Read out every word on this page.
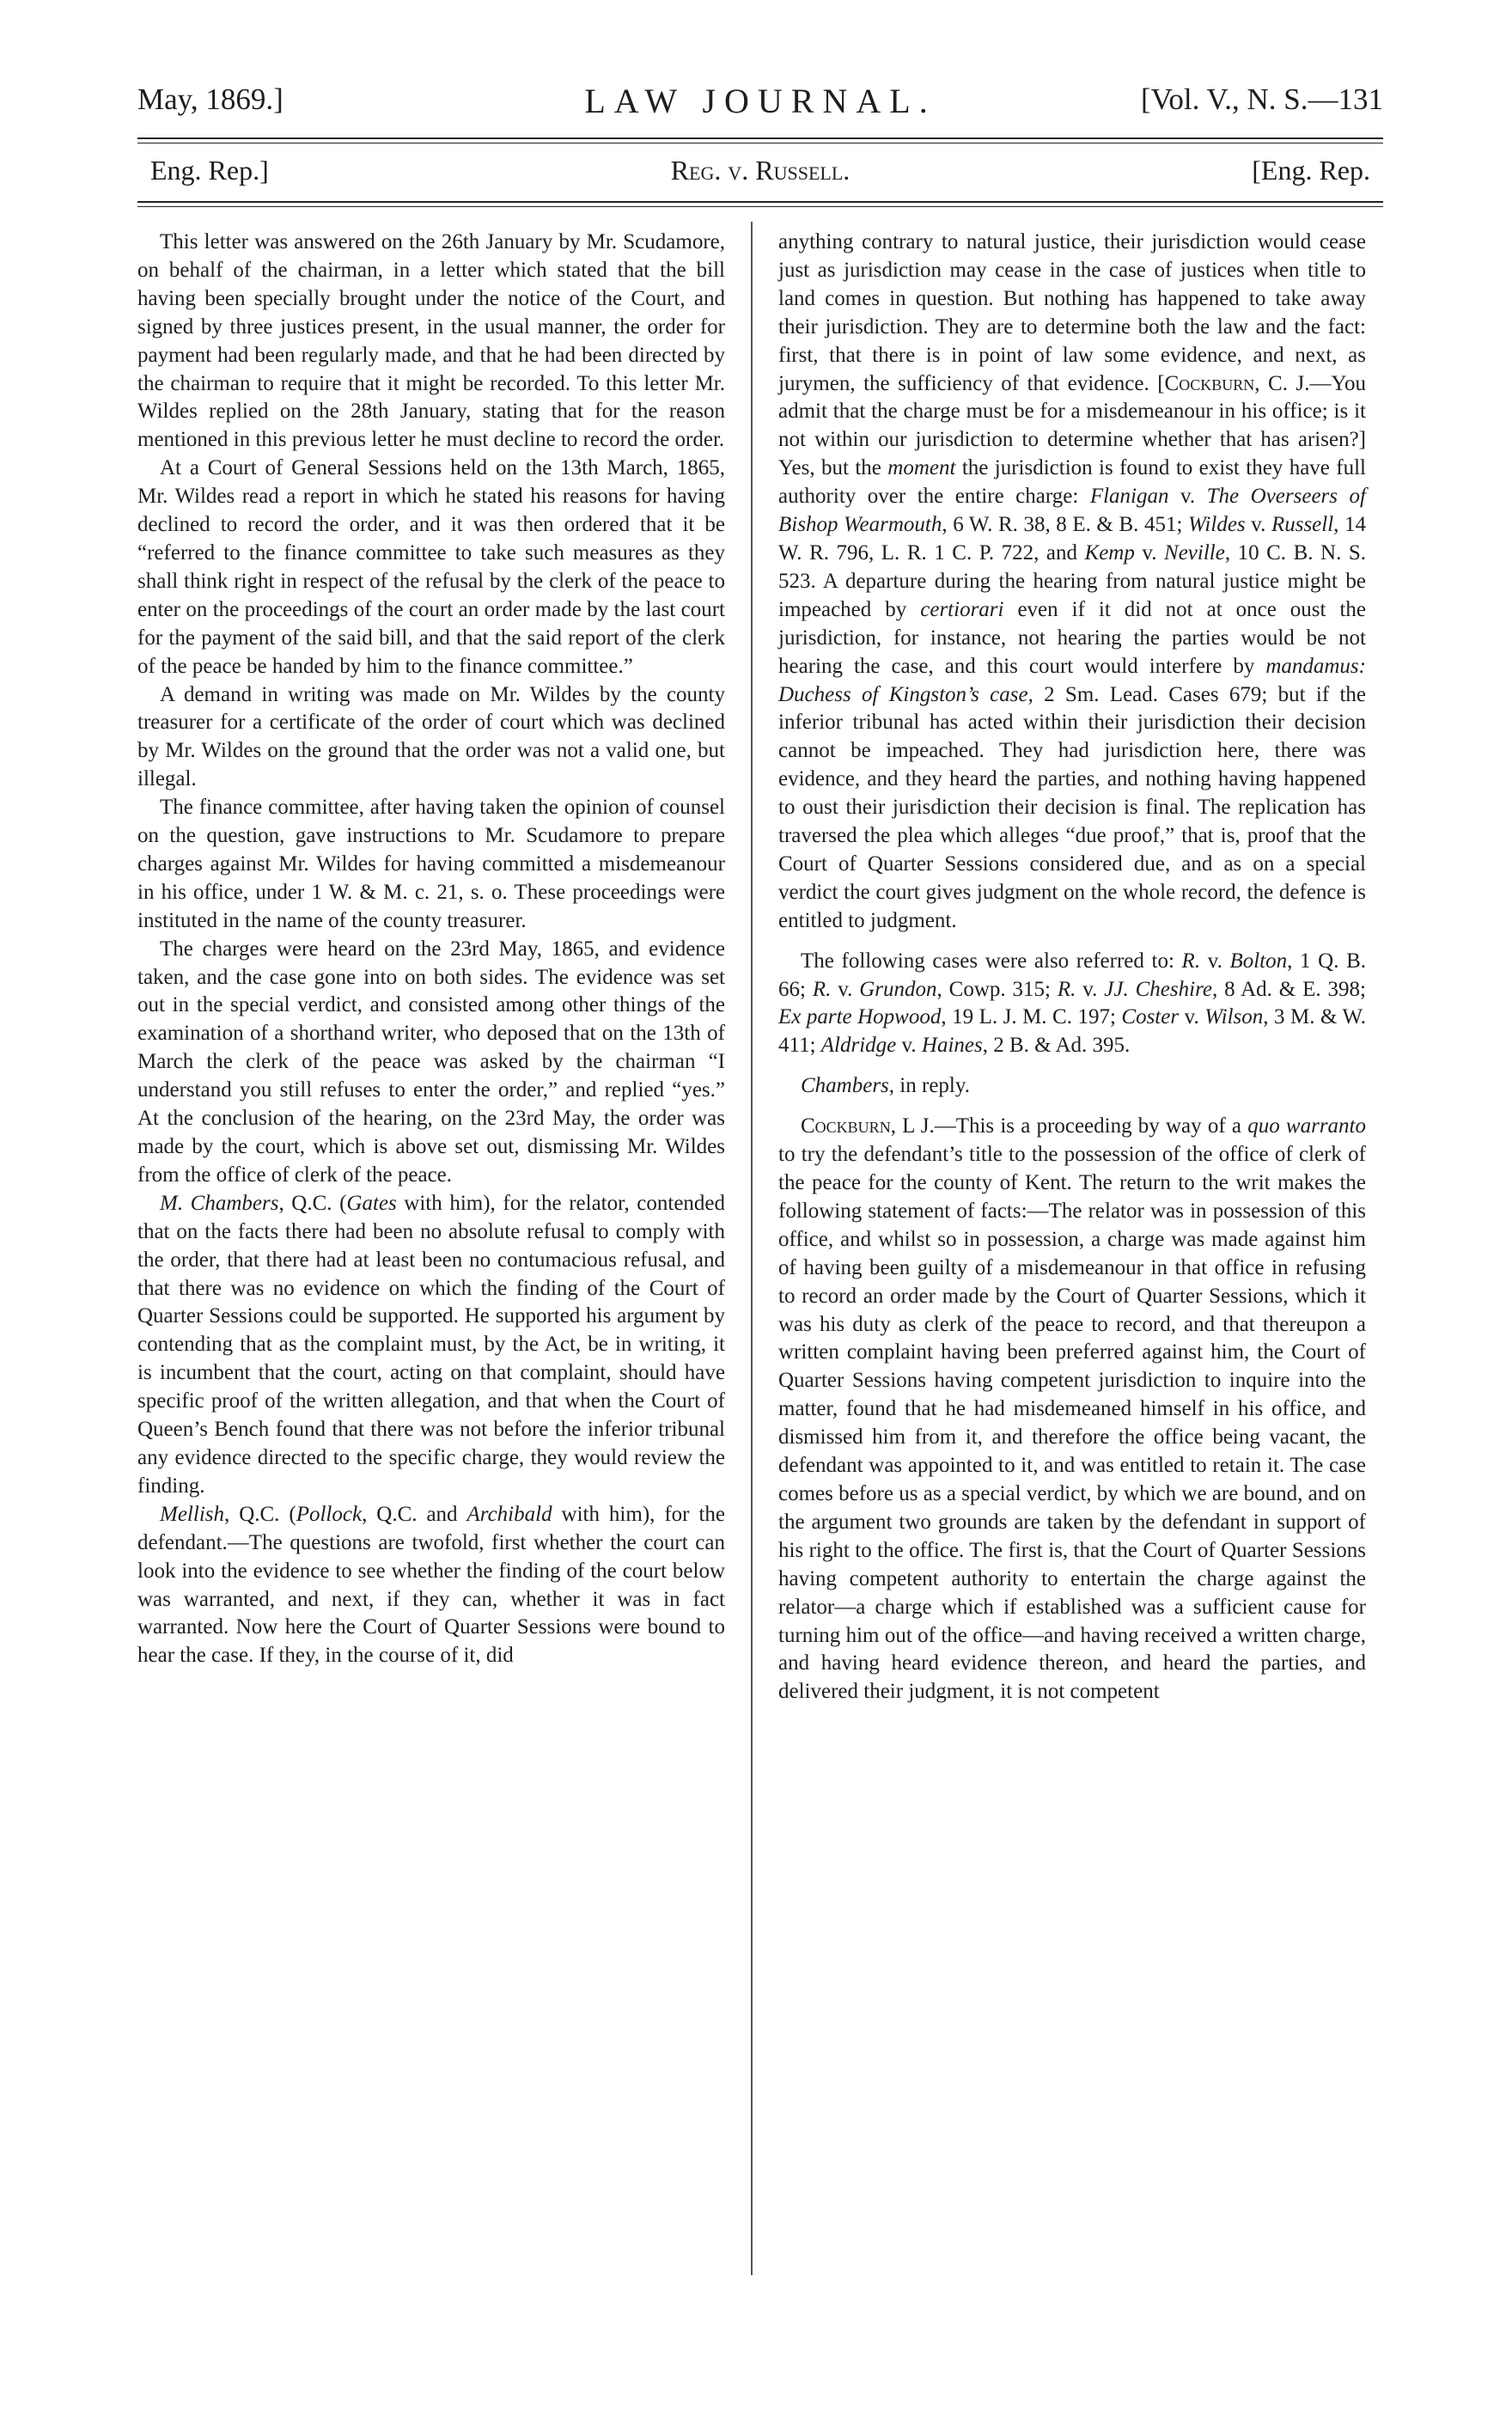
May, 1869.]	LAW JOURNAL.	[Vol. V., N. S.—131
Eng. Rep.]	Reg. v. Russell.	[Eng. Rep.

This letter was answered on the 26th January by Mr. Scudamore, on behalf of the chairman, in a letter which stated that the bill having been specially brought under the notice of the Court, and signed by three justices present, in the usual manner, the order for payment had been regularly made, and that he had been directed by the chairman to require that it might be recorded. To this letter Mr. Wildes replied on the 28th January, stating that for the reason mentioned in this previous letter he must decline to record the order.

At a Court of General Sessions held on the 13th March, 1865, Mr. Wildes read a report in which he stated his reasons for having declined to record the order, and it was then ordered that it be “referred to the finance committee to take such measures as they shall think right in respect of the refusal by the clerk of the peace to enter on the proceedings of the court an order made by the last court for the payment of the said bill, and that the said report of the clerk of the peace be handed by him to the finance committee.”

A demand in writing was made on Mr. Wildes by the county treasurer for a certificate of the order of court which was declined by Mr. Wildes on the ground that the order was not a valid one, but illegal.

The finance committee, after having taken the opinion of counsel on the question, gave instructions to Mr. Scudamore to prepare charges against Mr. Wildes for having committed a misdemeanour in his office, under 1 W. & M. c. 21, s. o. These proceedings were instituted in the name of the county treasurer.

The charges were heard on the 23rd May, 1865, and evidence taken, and the case gone into on both sides. The evidence was set out in the special verdict, and consisted among other things of the examination of a shorthand writer, who deposed that on the 13th of March the clerk of the peace was asked by the chairman “I understand you still refuses to enter the order,” and replied “yes.” At the conclusion of the hearing, on the 23rd May, the order was made by the court, which is above set out, dismissing Mr. Wildes from the office of clerk of the peace.

M. Chambers, Q.C. (Gates with him), for the relator, contended that on the facts there had been no absolute refusal to comply with the order, that there had at least been no contumacious refusal, and that there was no evidence on which the finding of the Court of Quarter Sessions could be supported. He supported his argument by contending that as the complaint must, by the Act, be in writing, it is incumbent that the court, acting on that complaint, should have specific proof of the written allegation, and that when the Court of Queen’s Bench found that there was not before the inferior tribunal any evidence directed to the specific charge, they would review the finding.

Mellish, Q.C. (Pollock, Q.C. and Archibald with him), for the defendant.—The questions are twofold, first whether the court can look into the evidence to see whether the finding of the court below was warranted, and next, if they can, whether it was in fact warranted. Now here the Court of Quarter Sessions were bound to hear the case. If they, in the course of it, did

anything contrary to natural justice, their jurisdiction would cease just as jurisdiction may cease in the case of justices when title to land comes in question. But nothing has happened to take away their jurisdiction. They are to determine both the law and the fact: first, that there is in point of law some evidence, and next, as jurymen, the sufficiency of that evidence. [Cockburn, C. J.—You admit that the charge must be for a misdemeanour in his office; is it not within our jurisdiction to determine whether that has arisen?] Yes, but the moment the jurisdiction is found to exist they have full authority over the entire charge: Flanigan v. The Overseers of Bishop Wearmouth, 6 W. R. 38, 8 E. & B. 451; Wildes v. Russell, 14 W. R. 796, L. R. 1 C. P. 722, and Kemp v. Neville, 10 C. B. N. S. 523. A departure during the hearing from natural justice might be impeached by certiorari even if it did not at once oust the jurisdiction, for instance, not hearing the parties would be not hearing the case, and this court would interfere by mandamus: Duchess of Kingston’s case, 2 Sm. Lead. Cases 679; but if the inferior tribunal has acted within their jurisdiction their decision cannot be impeached. They had jurisdiction here, there was evidence, and they heard the parties, and nothing having happened to oust their jurisdiction their decision is final. The replication has traversed the plea which alleges “due proof,” that is, proof that the Court of Quarter Sessions considered due, and as on a special verdict the court gives judgment on the whole record, the defence is entitled to judgment.

The following cases were also referred to: R. v. Bolton, 1 Q. B. 66; R. v. Grundon, Cowp. 315; R. v. JJ. Cheshire, 8 Ad. & E. 398; Ex parte Hopwood, 19 L. J. M. C. 197; Coster v. Wilson, 3 M. & W. 411; Aldridge v. Haines, 2 B. & Ad. 395.

Chambers, in reply.

Cockburn, L J.—This is a proceeding by way of a quo warranto to try the defendant’s title to the possession of the office of clerk of the peace for the county of Kent. The return to the writ makes the following statement of facts:—The relator was in possession of this office, and whilst so in possession, a charge was made against him of having been guilty of a misdemeanour in that office in refusing to record an order made by the Court of Quarter Sessions, which it was his duty as clerk of the peace to record, and that thereupon a written complaint having been preferred against him, the Court of Quarter Sessions having competent jurisdiction to inquire into the matter, found that he had misdemeaned himself in his office, and dismissed him from it, and therefore the office being vacant, the defendant was appointed to it, and was entitled to retain it. The case comes before us as a special verdict, by which we are bound, and on the argument two grounds are taken by the defendant in support of his right to the office. The first is, that the Court of Quarter Sessions having competent authority to entertain the charge against the relator—a charge which if established was a sufficient cause for turning him out of the office—and having received a written charge, and having heard evidence thereon, and heard the parties, and delivered their judgment, it is not competent
